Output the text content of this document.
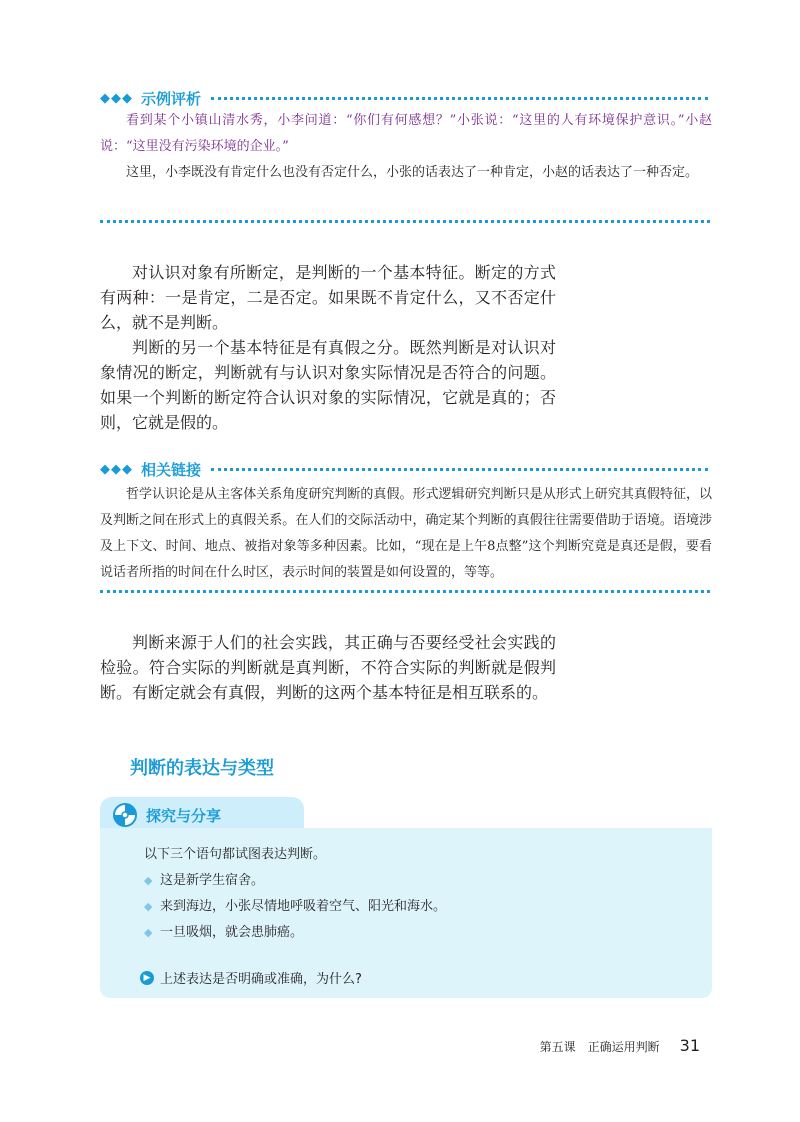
◆◆◆ 示例评析

看到某个小镇山清水秀，小李问道：“你们有何感想？”小张说：“这里的人有环境保护意识。”小赵说：“这里没有污染环境的企业。”

这里，小李既没有肯定什么也没有否定什么，小张的话表达了一种肯定，小赵的话表达了一种否定。

对认识对象有所断定，是判断的一个基本特征。断定的方式有两种：一是肯定，二是否定。如果既不肯定什么，又不否定什么，就不是判断。

判断的另一个基本特征是有真假之分。既然判断是对认识对象情况的断定，判断就有与认识对象实际情况是否符合的问题。如果一个判断的断定符合认识对象的实际情况，它就是真的；否则，它就是假的。

◆◆◆ 相关链接

哲学认识论是从主客体关系角度研究判断的真假。形式逻辑研究判断只是从形式上研究其真假特征，以及判断之间在形式上的真假关系。在人们的交际活动中，确定某个判断的真假往往需要借助于语境。语境涉及上下文、时间、地点、被指对象等多种因素。比如，“现在是上午8点整”这个判断究竟是真还是假，要看说话者所指的时间在什么时区，表示时间的装置是如何设置的，等等。

判断来源于人们的社会实践，其正确与否要经受社会实践的检验。符合实际的判断就是真判断，不符合实际的判断就是假判断。有断定就会有真假，判断的这两个基本特征是相互联系的。

判断的表达与类型
探究与分享
以下三个语句都试图表达判断。
◆ 这是新学生宿舍。
◆ 来到海边，小张尽情地呼吸着空气、阳光和海水。
◆ 一旦吸烟，就会患肺癌。
▶ 上述表达是否明确或准确，为什么?
第五课　正确运用判断 31
